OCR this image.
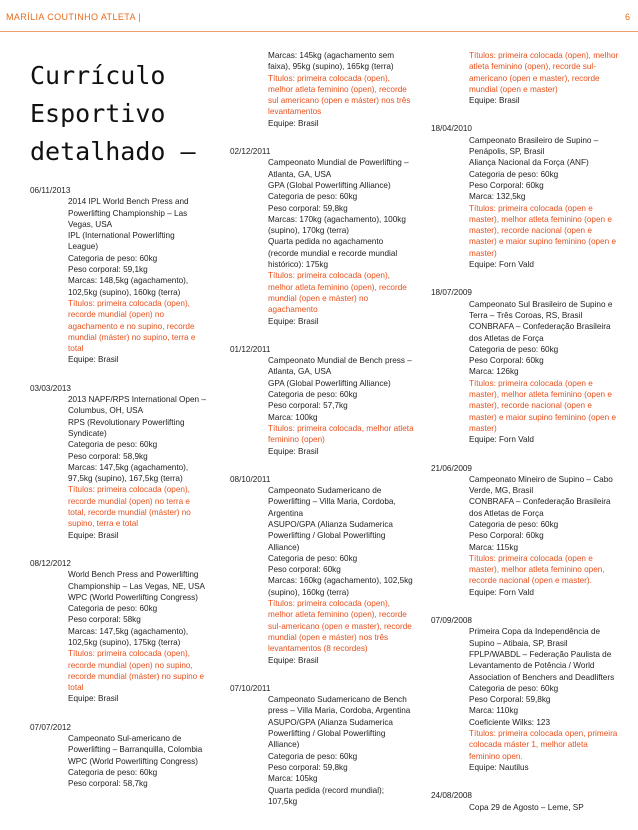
MARÍLIA COUTINHO ATLETA |	6
Currículo
Esportivo
detalhado –

06/11/2013

2014 IPL World Bench Press and Powerlifting Championship – Las Vegas, USA

IPL (International Powerlifting League)

Categoria de peso: 60kg

Peso corporal: 59,1kg

Marcas: 148,5kg (agachamento), 102,5kg (supino), 160kg (terra)

Títulos: primeira colocada (open), recorde mundial (open) no agachamento e no supino, recorde mundial (máster) no supino, terra e total

Equipe: Brasil

03/03/2013

2013 NAPF/RPS International Open – Columbus, OH, USA

RPS (Revolutionary Powerlifting Syndicate)

Categoria de peso: 60kg

Peso corporal: 58,9kg

Marcas: 147,5kg (agachamento), 97,5kg (supino), 167,5kg (terra)

Títulos: primeira colocada (open), recorde mundial (open) no terra e total, recorde mundial (máster) no supino, terra e total

Equipe: Brasil

08/12/2012

World Bench Press and Powerlifting Championship – Las Vegas, NE, USA

WPC (World Powerlifting Congress)

Categoria de peso: 60kg

Peso corporal: 58kg

Marcas: 147,5kg (agachamento), 102,5kg (supino), 175kg (terra)

Títulos: primeira colocada (open), recorde mundial (open) no supino, recorde mundial (máster) no supino e total

Equipe: Brasil

07/07/2012

Campeonato Sul-americano de Powerlifting – Barranquilla, Colombia

WPC (World Powerlifting Congress)

Categoria de peso: 60kg

Peso corporal: 58,7kg

Marcas: 145kg (agachamento sem faixa), 95kg (supino), 165kg (terra)

Títulos: primeira colocada (open), melhor atleta feminino (open), recorde sul americano (open e máster) nos três levantamentos

Equipe: Brasil

02/12/2011

Campeonato Mundial de Powerlifting – Atlanta, GA, USA

GPA (Global Powerlifting Alliance)

Categoria de peso: 60kg

Peso corporal: 59,8kg

Marcas: 170kg (agachamento), 100kg (supino), 170kg (terra)

Quarta pedida no agachamento (recorde mundial e recorde mundial histórico): 175kg

Títulos: primeira colocada (open), melhor atleta feminino (open), recorde mundial (open e máster) no agachamento

Equipe: Brasil

01/12/2011

Campeonato Mundial de Bench press – Atlanta, GA, USA

GPA (Global Powerlifting Alliance)

Categoria de peso: 60kg

Peso corporal: 57,7kg

Marca: 100kg

Títulos: primeira colocada, melhor atleta feminino (open)

Equipe: Brasil

08/10/2011

Campeonato Sudamericano de Powerlifting – Villa Maria, Cordoba, Argentina

ASUPO/GPA (Alianza Sudamerica Powerlifting / Global Powerlifting Alliance)

Categoria de peso: 60kg

Peso corporal: 60kg

Marcas: 160kg (agachamento), 102,5kg (supino), 160kg (terra)

Títulos: primeira colocada (open), melhor atleta feminino (open), recorde sul-americano (open e master), recorde mundial (open e máster) nos três levantamentos (8 recordes)

Equipe: Brasil

07/10/2011

Campeonato Sudamericano de Bench press – Villa Maria, Cordoba, Argentina

ASUPO/GPA (Alianza Sudamerica Powerlifting / Global Powerlifting Alliance)

Categoria de peso: 60kg

Peso corporal: 59,8kg

Marca: 105kg

Quarta pedida (record mundial); 107,5kg

Títulos: primeira colocada (open), melhor atleta feminino (open), recorde sul-americano (open e master), recorde mundial (open e master)

Equipe: Brasil

18/04/2010

Campeonato Brasileiro de Supino – Penápolis, SP, Brasil

Aliança Nacional da Força (ANF)

Categoria de peso: 60kg

Peso Corporal: 60kg

Marca: 132,5kg

Títulos: primeira colocada (open e master), melhor atleta feminino (open e master), recorde nacional (open e master) e maior supino feminino (open e master)

Equipe: Forn Vald

18/07/2009

Campeonato Sul Brasileiro de Supino e Terra – Três Coroas, RS, Brasil

CONBRAFA – Confederação Brasileira dos Atletas de Força

Categoria de peso: 60kg

Peso Corporal: 60kg

Marca: 126kg

Títulos: primeira colocada (open e master), melhor atleta feminino (open e master), recorde nacional (open e master) e maior supino feminino (open e master)

Equipe: Forn Vald

21/06/2009

Campeonato Mineiro de Supino – Cabo Verde, MG, Brasil

CONBRAFA – Confederação Brasileira dos Atletas de Força

Categoria de peso: 60kg

Peso Corporal: 60kg

Marca: 115kg

Títulos: primeira colocada (open e master), melhor atleta feminino open, recorde nacional (open e master).

Equipe: Forn Vald

07/09/2008

Primeira Copa da Independência de Supino – Atibaia, SP, Brasil

FPLP/WABDL – Federação Paulista de Levantamento de Potência / World Association of Benchers and Deadlifters

Categoria de peso: 60kg

Peso Corporal: 59,8kg

Marca: 110kg

Coeficiente Wilks: 123

Títulos: primeira colocada open, primeira colocada máster 1, melhor atleta feminino open.

Equipe: Nautilus

24/08/2008

Copa 29 de Agosto – Leme, SP
